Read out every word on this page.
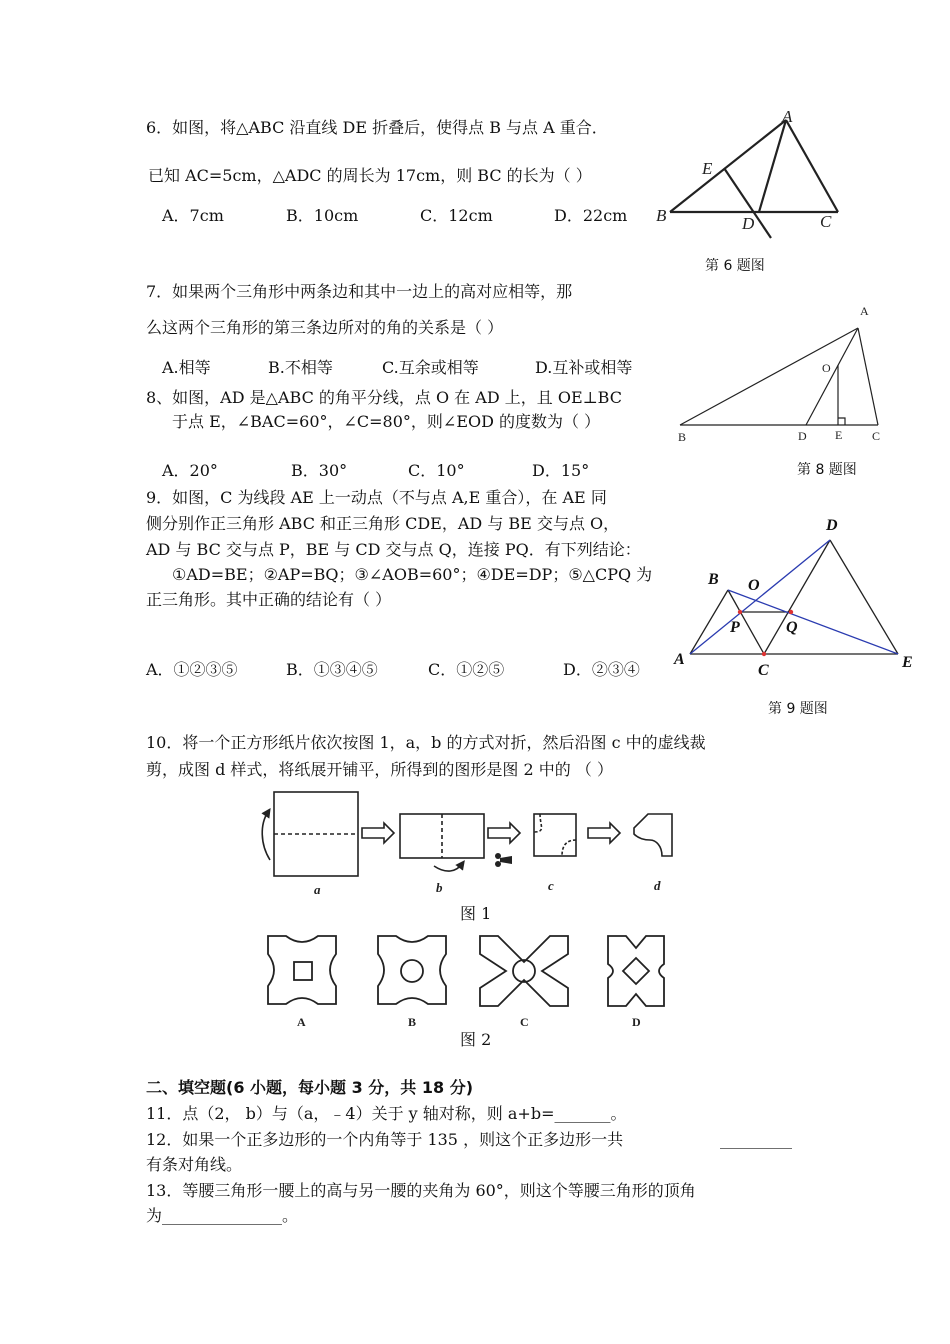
6．如图，将△ABC 沿直线 DE 折叠后，使得点 B 与点 A 重合．
已知 AC=5cm，△ADC 的周长为 17cm，则 BC 的长为（ ）
A．7cm	B．10cm	C．12cm	D．22cm
A
B	C
D
E
第 6 题图
7．如果两个三角形中两条边和其中一边上的高对应相等，那
么这两个三角形的第三条边所对的角的关系是（ ）
A.相等	B.不相等	C.互余或相等	D.互补或相等
8、如图，AD 是△ABC 的角平分线，点 O 在 AD 上，且 OE⊥BC
于点 E，∠BAC=60°，∠C=80°，则∠EOD 的度数为（ ）
A．20°	B．30°	C．10°	D．15°
A
B	C
D E
O
第 8 题图
9．如图，C 为线段 AE 上一动点（不与点 A,E 重合），在 AE 同
侧分别作正三角形 ABC 和正三角形 CDE，AD 与 BE 交与点 O，
AD 与 BC 交与点 P，BE 与 CD 交与点 Q，连接 PQ．有下列结论：
①AD=BE；②AP=BQ；③∠AOB=60°；④DE=DP；⑤△CPQ 为
正三角形。其中正确的结论有（ ）
A．①②③⑤	B．①③④⑤	C．①②⑤	D．②③④
A
B
C
D
E
O
P	Q
第 9 题图
10．将一个正方形纸片依次按图 1，a，b 的方式对折，然后沿图 c 中的虚线裁
剪，成图 d 样式，将纸展开铺平，所得到的图形是图 2 中的 （ ）
a	b	c	d
图 1
A	B	C	D
图 2
二、填空题(6 小题，每小题 3 分，共 18 分)
11．点（2， b）与（a，﹣4）关于 y 轴对称，则 a+b=_______。
12．如果一个正多边形的一个内角等于 135 ，则这个正多边形一共	_________
有条对角线。
13．等腰三角形一腰上的高与另一腰的夹角为 60°，则这个等腰三角形的顶角
为_______________。
